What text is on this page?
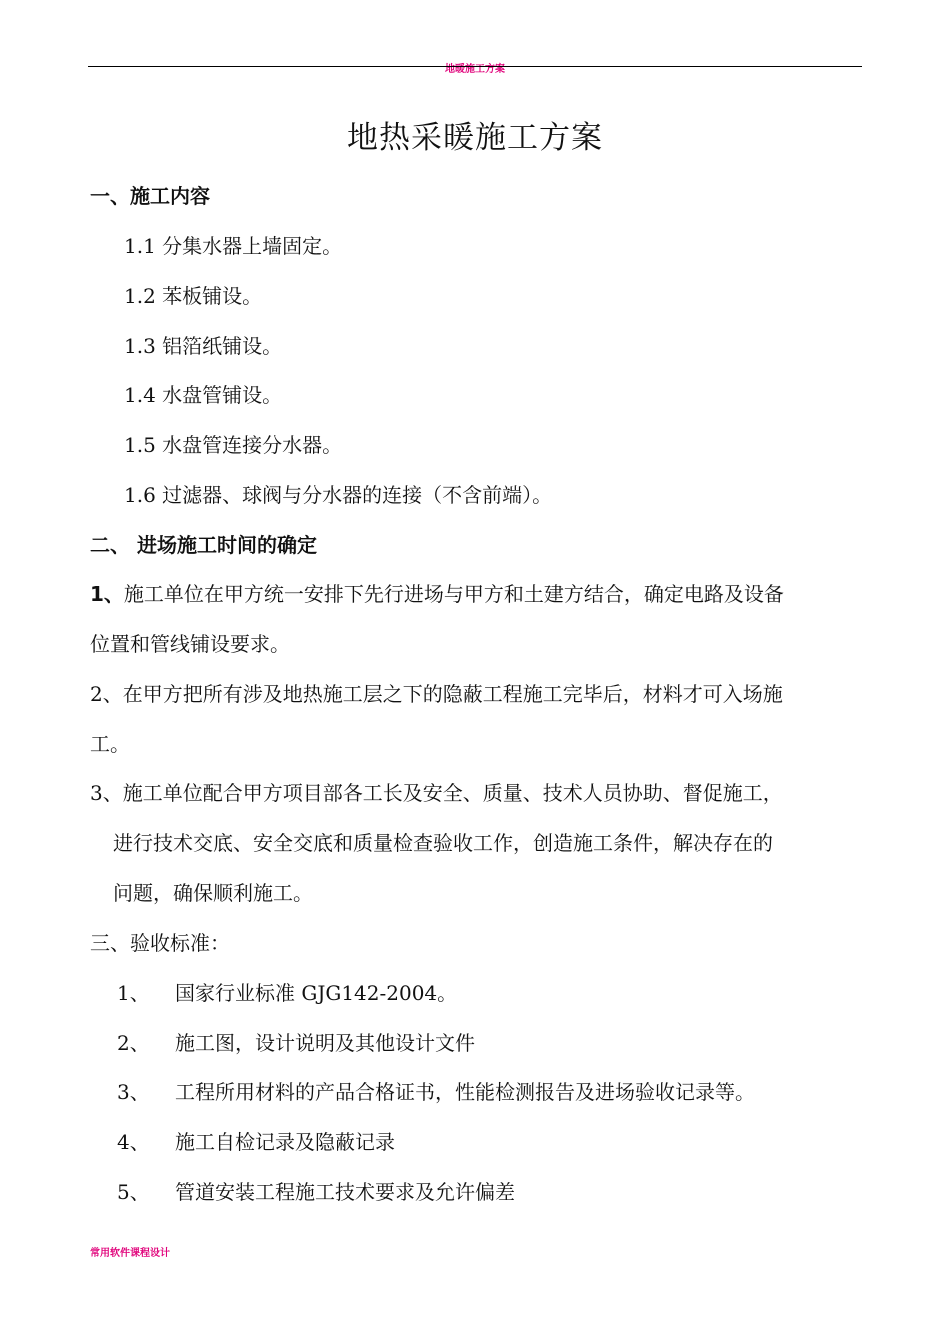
地暖施工方案
地热采暖施工方案
一、施工内容
1.1 分集水器上墙固定。
1.2 苯板铺设。
1.3 铝箔纸铺设。
1.4 水盘管铺设。
1.5 水盘管连接分水器。
1.6 过滤器、球阀与分水器的连接（不含前端）。
二、 进场施工时间的确定
1、施工单位在甲方统一安排下先行进场与甲方和土建方结合，确定电路及设备
位置和管线铺设要求。
2、在甲方把所有涉及地热施工层之下的隐蔽工程施工完毕后，材料才可入场施
工。
3、施工单位配合甲方项目部各工长及安全、质量、技术人员协助、督促施工，
进行技术交底、安全交底和质量检查验收工作，创造施工条件，解决存在的
问题，确保顺利施工。
三、验收标准：
1、 国家行业标准 GJG142-2004。
2、 施工图，设计说明及其他设计文件
3、 工程所用材料的产品合格证书，性能检测报告及进场验收记录等。
4、 施工自检记录及隐蔽记录
5、 管道安装工程施工技术要求及允许偏差
常用软件课程设计
